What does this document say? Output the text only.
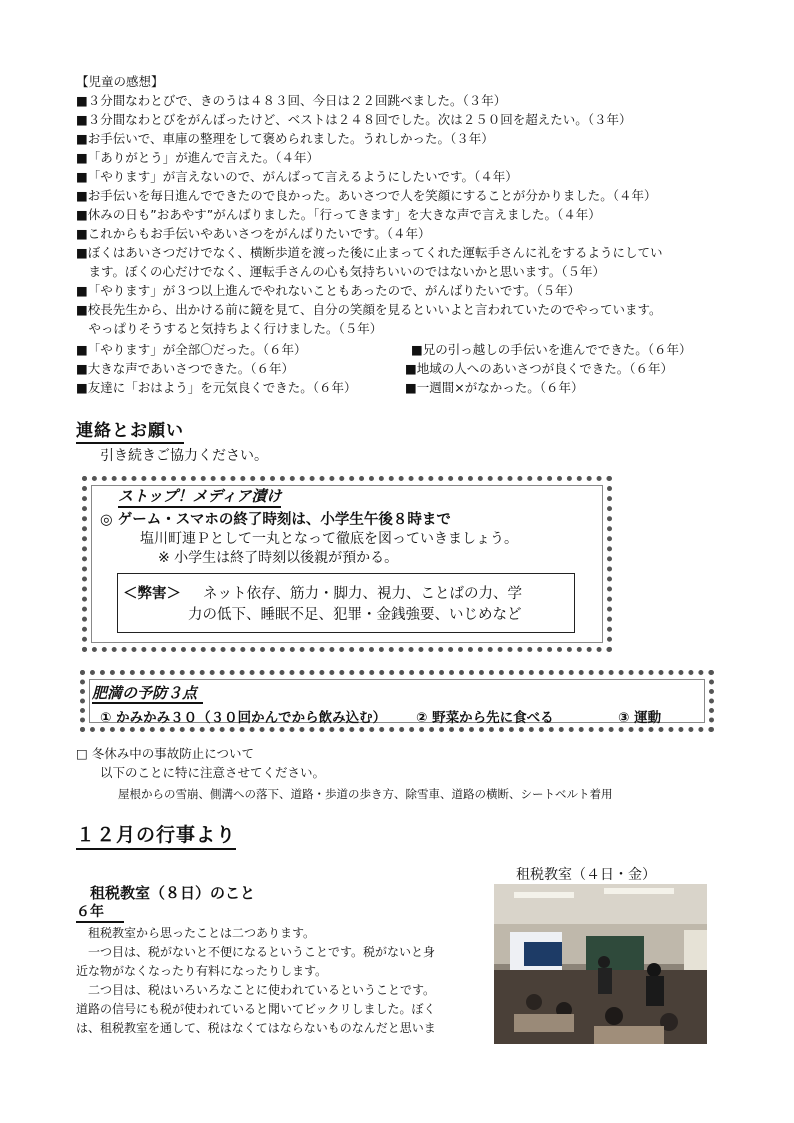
【児童の感想】
■３分間なわとびで、きのうは４８３回、今日は２２回跳べました。（３年）
■３分間なわとびをがんばったけど、ベストは２４８回でした。次は２５０回を超えたい。（３年）
■お手伝いで、車庫の整理をして褒められました。うれしかった。（３年）
■「ありがとう」が進んで言えた。（４年）
■「やります」が言えないので、がんばって言えるようにしたいです。（４年）
■お手伝いを毎日進んでできたので良かった。あいさつで人を笑顔にすることが分かりました。（４年）
■休みの日も”おあやす”がんばりました。「行ってきます」を大きな声で言えました。（４年）
■これからもお手伝いやあいさつをがんばりたいです。（４年）
■ぼくはあいさつだけでなく、横断歩道を渡った後に止まってくれた運転手さんに礼をするようにしてい
　ます。ぼくの心だけでなく、運転手さんの心も気持ちいいのではないかと思います。（５年）
■「やります」が３つ以上進んでやれないこともあったので、がんばりたいです。（５年）
■校長先生から、出かける前に鏡を見て、自分の笑顔を見るといいよと言われていたのでやっています。
　やっぱりそうすると気持ちよく行けました。（５年）
■「やります」が全部〇だった。（６年）	■兄の引っ越しの手伝いを進んでできた。（６年）
■大きな声であいさつできた。（６年）	■地域の人へのあいさつが良くできた。（６年）
■友達に「おはよう」を元気良くできた。（６年）	■一週間×がなかった。（６年）
連絡とお願い
引き続きご協力ください。
ストップ！メディア漬け
◎ ゲーム・スマホの終了時刻は、小学生午後８時まで
塩川町連Ｐとして一丸となって徹底を図っていきましょう。
※ 小学生は終了時刻以後親が預かる。
＜弊害＞ ネット依存、筋力・脚力、視力、ことばの力、学
力の低下、睡眠不足、犯罪・金銭強要、いじめなど
肥満の予防３点
① かみかみ３０（３０回かんでから飲み込む） ② 野菜から先に食べる	③ 運動
□ 冬休み中の事故防止について
以下のことに特に注意させてください。
屋根からの雪崩、側溝への落下、道路・歩道の歩き方、除雪車、道路の横断、シートベルト着用
１２月の行事より
租税教室（４日・金）
租税教室（８日）のこと
６年
　租税教室から思ったことは二つあります。
　一つ目は、税がないと不便になるということです。税がないと身
近な物がなくなったり有料になったりします。
　二つ目は、税はいろいろなことに使われているということです。
道路の信号にも税が使われていると聞いてビックリしました。ぼく
は、租税教室を通して、税はなくてはならないものなんだと思いま
